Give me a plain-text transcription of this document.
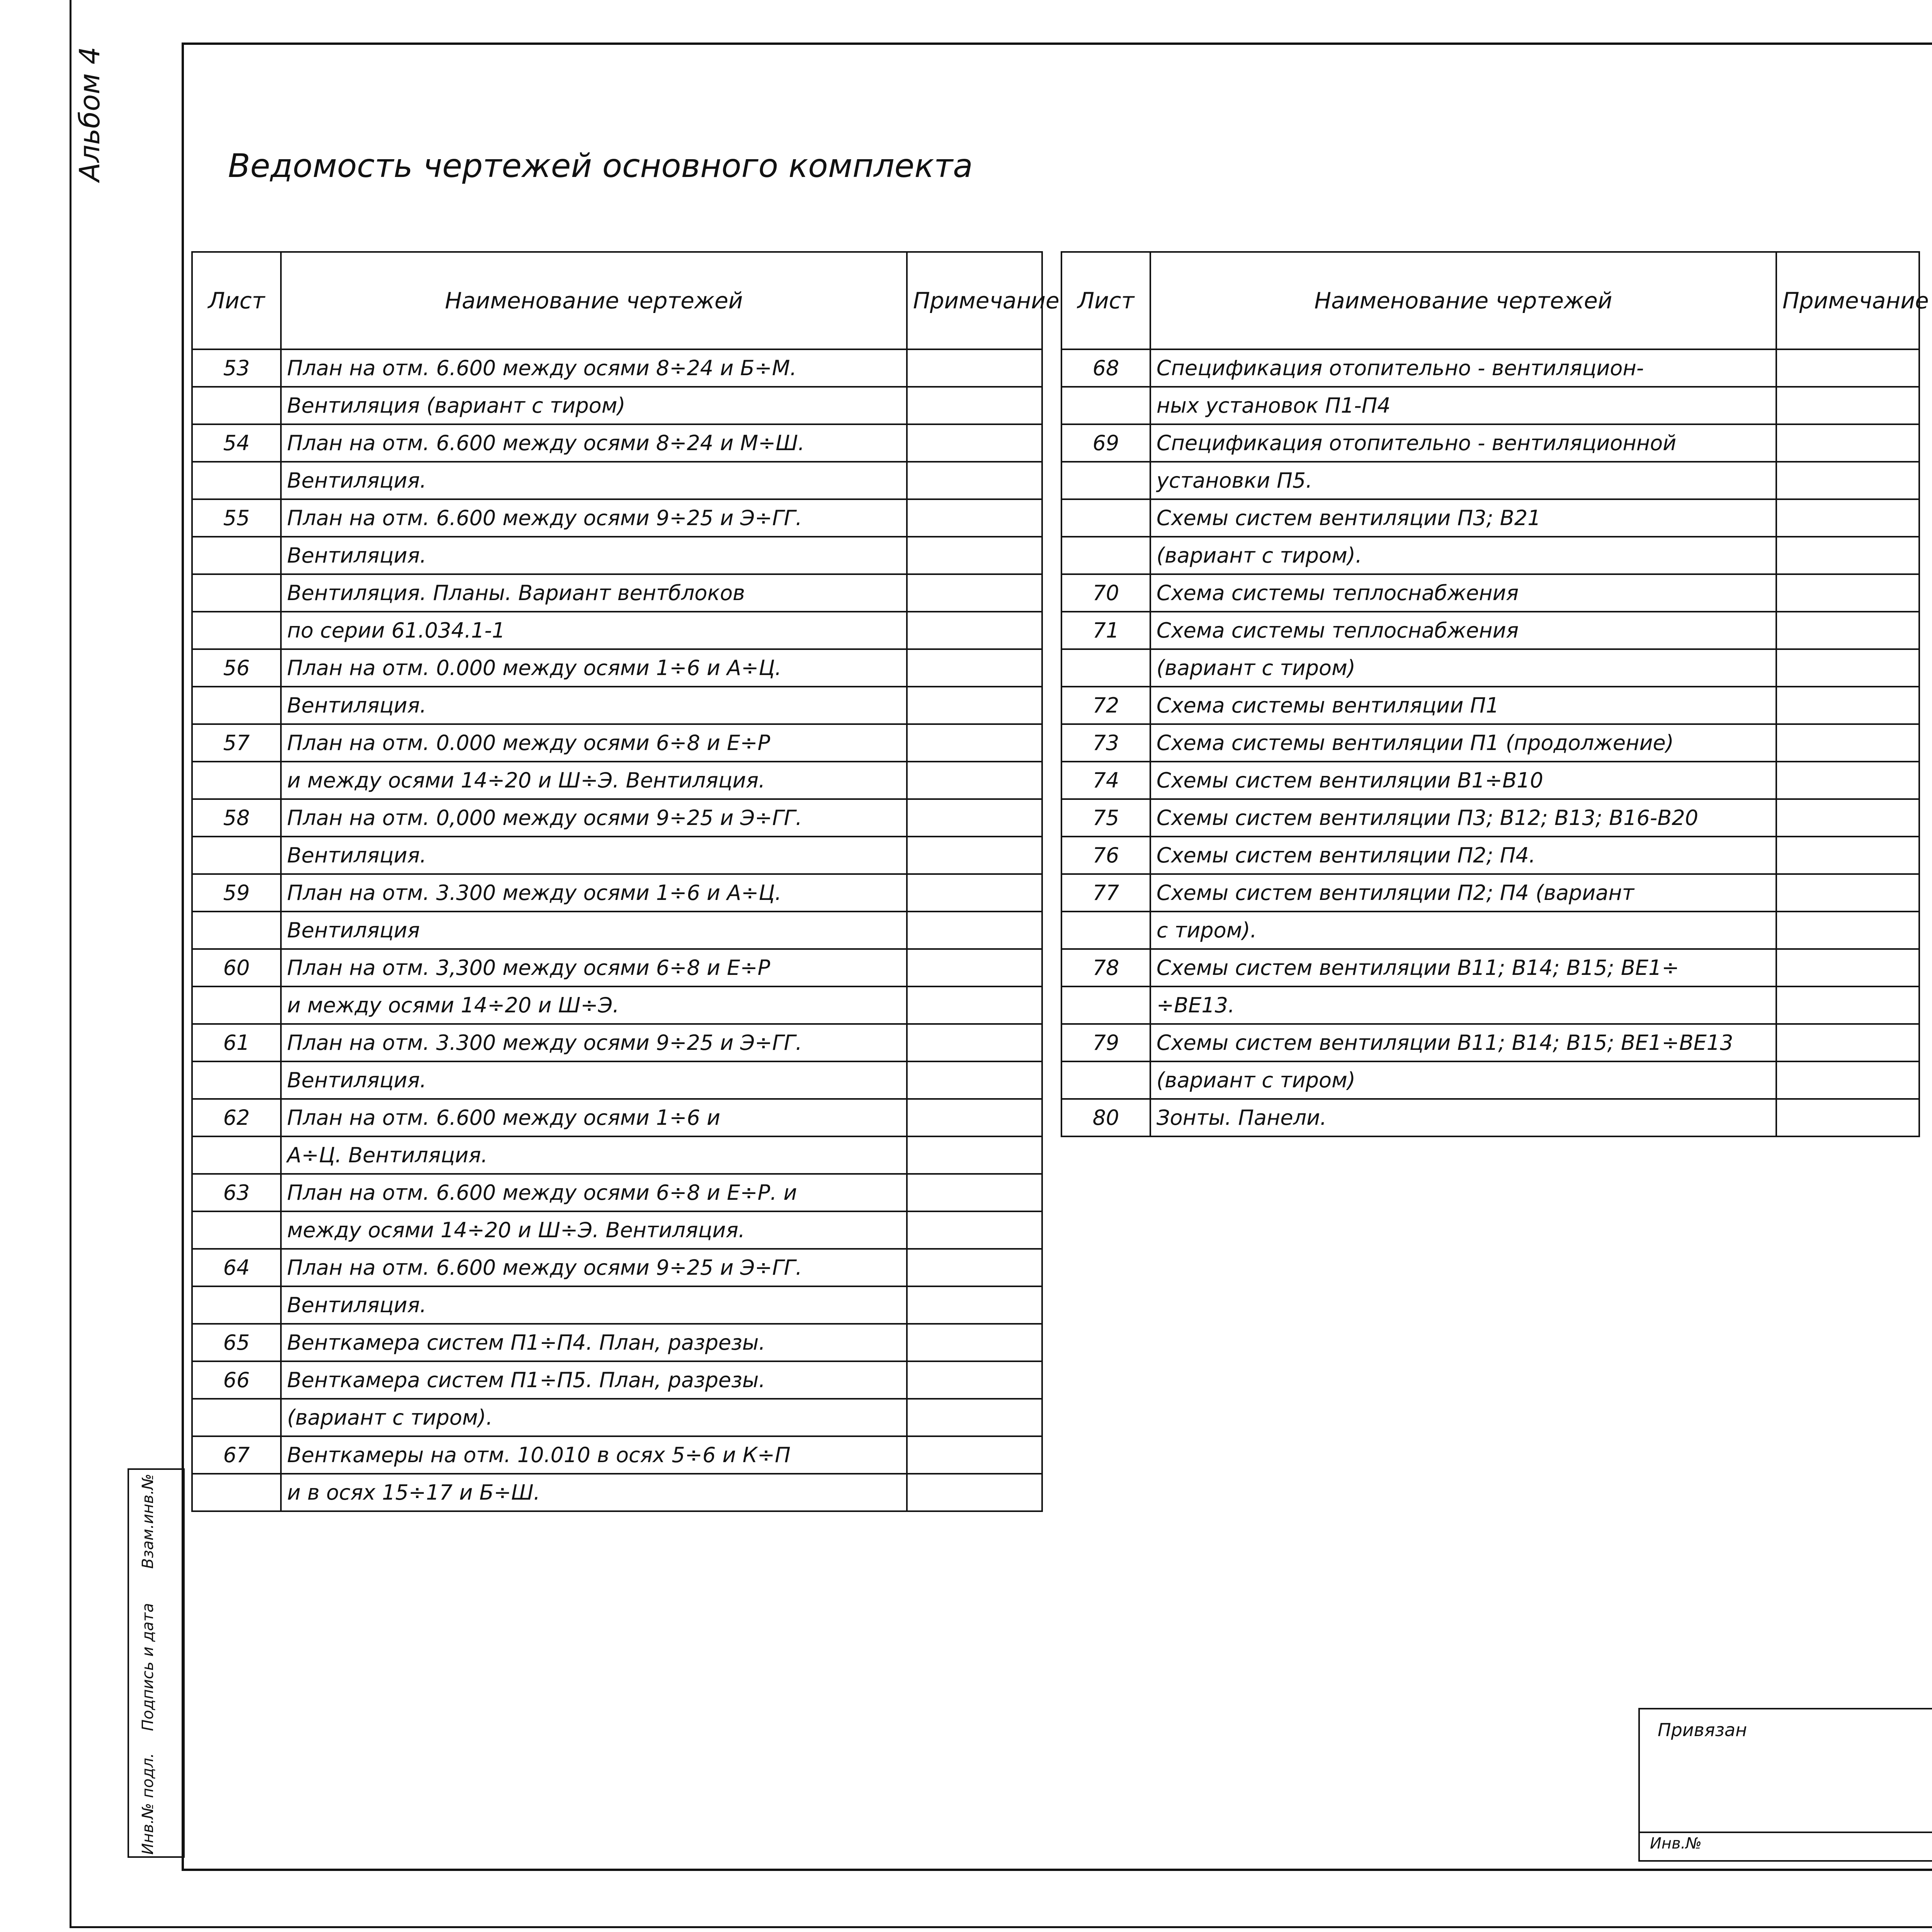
Альбом 4
Инв.№ подл.
Подпись и дата
Взам.инв.№
Ведомость чертежей основного комплекта
Лист	Наименование чертежей	Примечание
53	План на отм. 6.600 между осями 8÷24 и Б÷М.	
	Вентиляция (вариант с тиром)	
54	План на отм. 6.600 между осями 8÷24 и М÷Ш.	
	Вентиляция.	
55	План на отм. 6.600 между осями 9÷25 и Э÷ГГ.	
	Вентиляция.	
	Вентиляция. Планы. Вариант вентблоков	
	по серии 61.034.1-1	
56	План на отм. 0.000 между осями 1÷6 и А÷Ц.	
	Вентиляция.	
57	План на отм. 0.000 между осями 6÷8 и Е÷Р	
	и между осями 14÷20 и Ш÷Э. Вентиляция.	
58	План на отм. 0,000 между осями 9÷25 и Э÷ГГ.	
	Вентиляция.	
59	План на отм. 3.300 между осями 1÷6 и А÷Ц.	
	Вентиляция	
60	План на отм. 3,300 между осями 6÷8 и Е÷Р	
	и между осями 14÷20 и Ш÷Э.	
61	План на отм. 3.300 между осями 9÷25 и Э÷ГГ.	
	Вентиляция.	
62	План на отм. 6.600 между осями 1÷6 и	
	А÷Ц. Вентиляция.	
63	План на отм. 6.600 между осями 6÷8 и Е÷Р. и	
	между осями 14÷20 и Ш÷Э. Вентиляция.	
64	План на отм. 6.600 между осями 9÷25 и Э÷ГГ.	
	Вентиляция.	
65	Венткамера систем П1÷П4. План, разрезы.	
66	Венткамера систем П1÷П5. План, разрезы.	
	(вариант с тиром).	
67	Венткамеры на отм. 10.010 в осях 5÷6 и К÷П	
	и в осях 15÷17 и Б÷Ш.	
Лист	Наименование чертежей	Примечание
68	Спецификация отопительно - вентиляцион-	
	ных установок П1-П4	
69	Спецификация отопительно - вентиляционной	
	установки П5.	
	Схемы систем вентиляции П3; В21	
	(вариант с тиром).	
70	Схема системы теплоснабжения	
71	Схема системы теплоснабжения	
	(вариант с тиром)	
72	Схема системы вентиляции П1	
73	Схема системы вентиляции П1 (продолжение)	
74	Схемы систем вентиляции В1÷В10	
75	Схемы систем вентиляции П3; В12; В13; В16-В20	
76	Схемы систем вентиляции П2; П4.	
77	Схемы систем вентиляции П2; П4 (вариант	
	с тиром).	
78	Схемы систем вентиляции В11; В14; В15; ВЕ1÷	
	÷ВЕ13.	
79	Схемы систем вентиляции В11; В14; В15; ВЕ1÷ВЕ13	
	(вариант с тиром)	
80	Зонты. Панели.	

Привязан
Инв.№
